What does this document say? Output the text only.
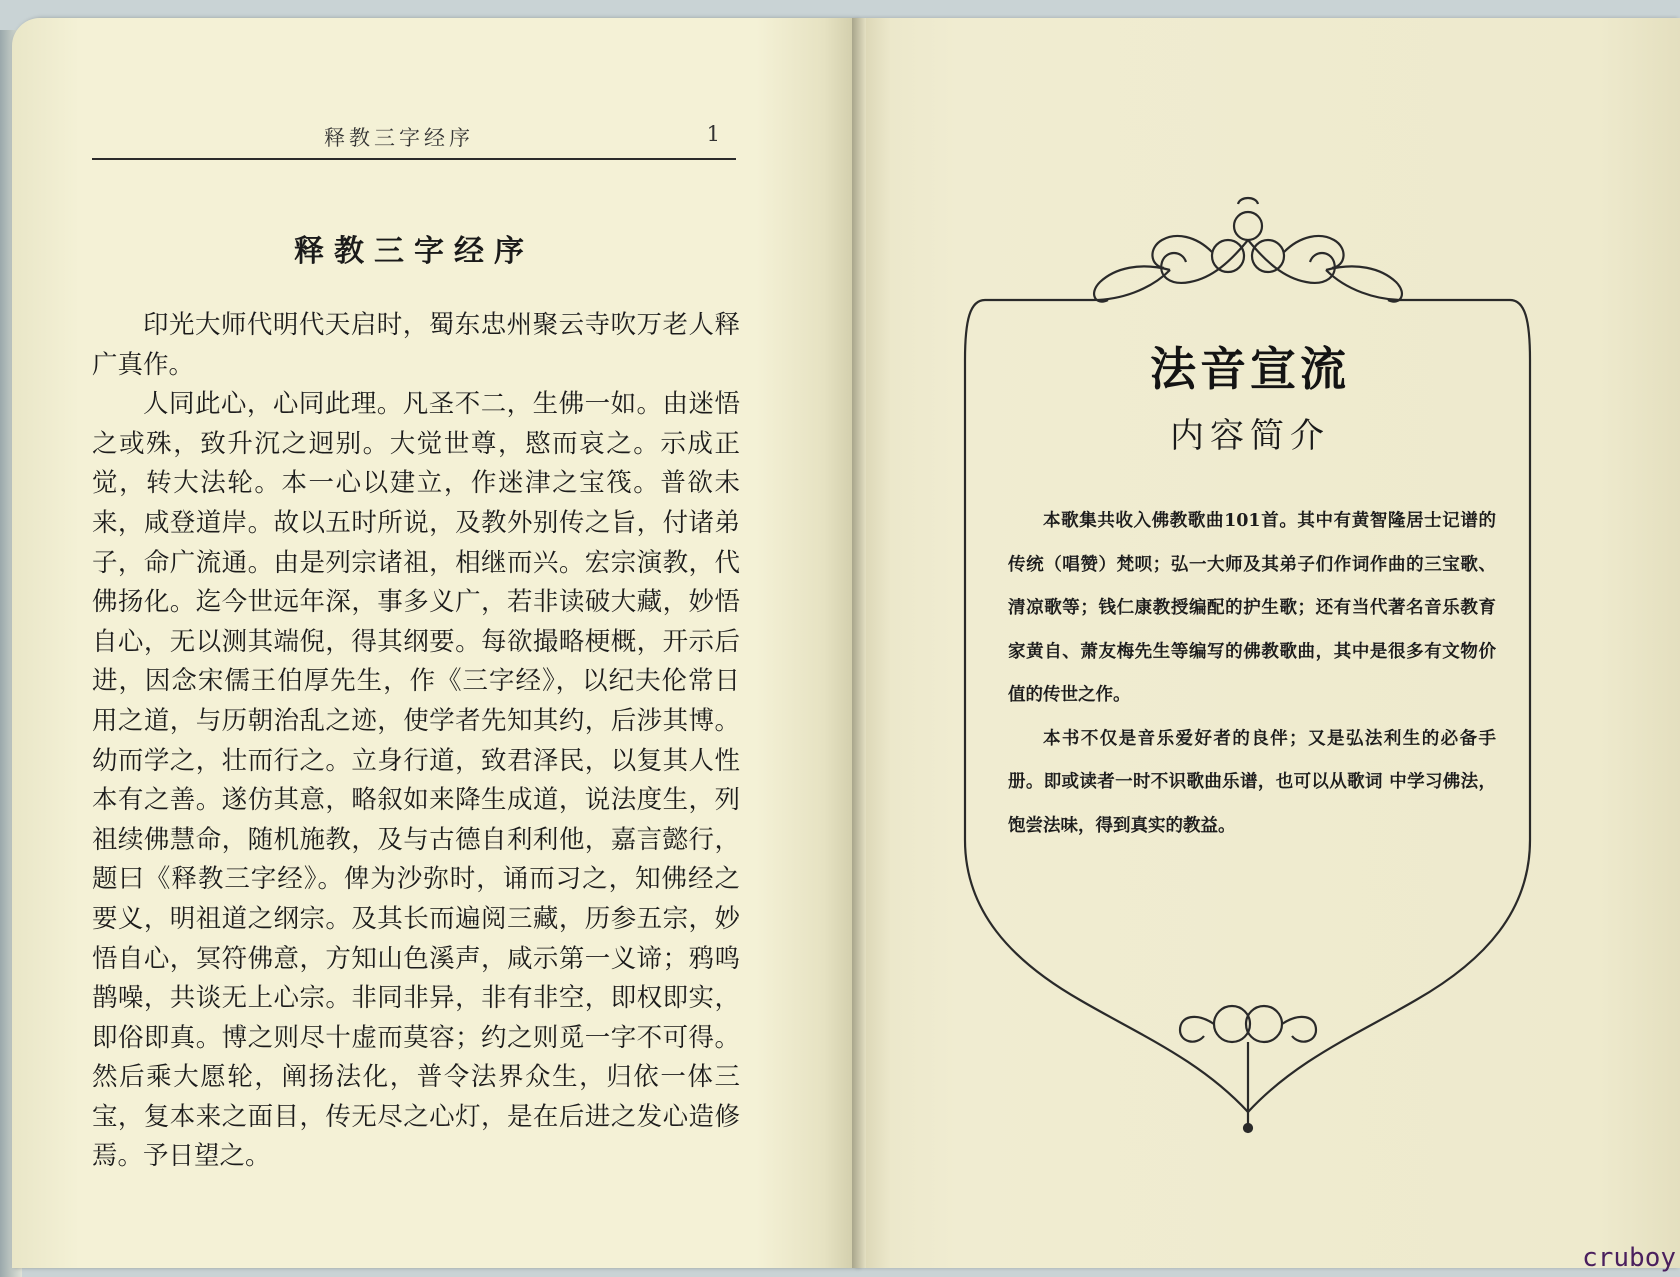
释教三字经序	1
释教三字经序

印光大师代明代天启时，蜀东忠州聚云寺吹万老人释广真作。

人同此心，心同此理。凡圣不二，生佛一如。由迷悟之或殊，致升沉之迥别。大觉世尊，愍而哀之。示成正觉，转大法轮。本一心以建立，作迷津之宝筏。普欲未来，咸登道岸。故以五时所说，及教外别传之旨，付诸弟子，命广流通。由是列宗诸祖，相继而兴。宏宗演教，代佛扬化。迄今世远年深，事多义广，若非读破大藏，妙悟自心，无以测其端倪，得其纲要。每欲撮略梗概，开示后进，因念宋儒王伯厚先生，作《三字经》，以纪夫伦常日用之道，与历朝治乱之迹，使学者先知其约，后涉其博。幼而学之，壮而行之。立身行道，致君泽民，以复其人性本有之善。遂仿其意，略叙如来降生成道，说法度生，列祖续佛慧命，随机施教，及与古德自利利他，嘉言懿行，题曰《释教三字经》。俾为沙弥时，诵而习之，知佛经之要义，明祖道之纲宗。及其长而遍阅三藏，历参五宗，妙悟自心，冥符佛意，方知山色溪声，咸示第一义谛；鸦鸣鹊噪，共谈无上心宗。非同非异，非有非空，即权即实，即俗即真。博之则尽十虚而莫容；约之则觅一字不可得。然后乘大愿轮，阐扬法化，普令法界众生，归依一体三宝，复本来之面目，传无尽之心灯，是在后进之发心造修焉。予日望之。

法音宣流
内容简介

本歌集共收入佛教歌曲101首。其中有黄智隆居士记谱的传统（唱赞）梵呗；弘一大师及其弟子们作词作曲的三宝歌、清凉歌等；钱仁康教授编配的护生歌；还有当代著名音乐教育家黄自、萧友梅先生等编写的佛教歌曲，其中是很多有文物价值的传世之作。

本书不仅是音乐爱好者的良伴；又是弘法利生的必备手册。即或读者一时不识歌曲乐谱，也可以从歌词 中学习佛法，饱尝法味，得到真实的教益。

cruboy
